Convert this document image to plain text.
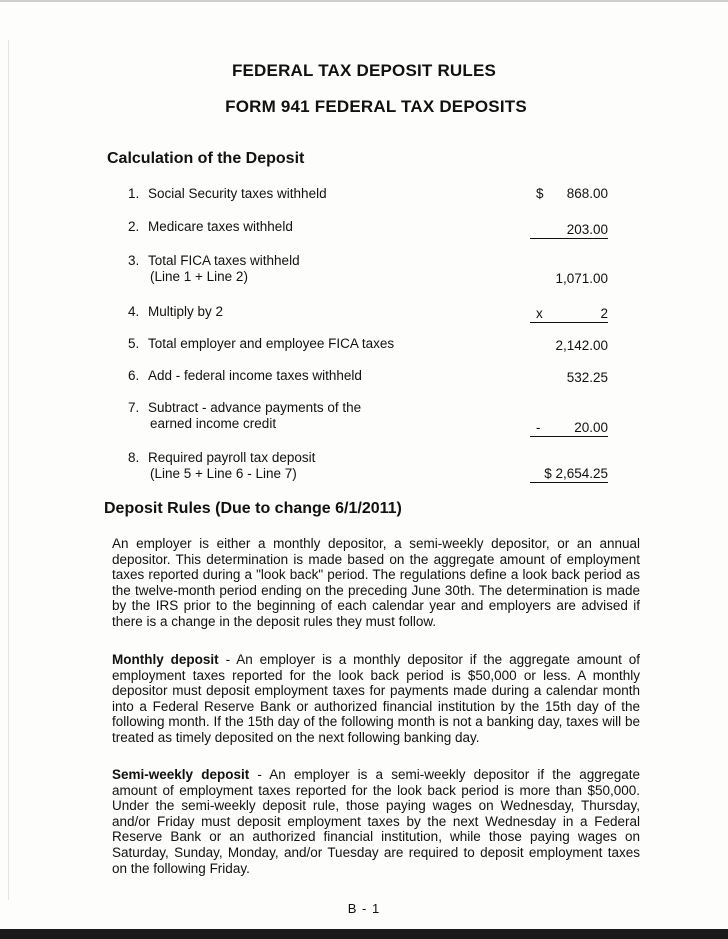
FEDERAL TAX DEPOSIT RULES
FORM 941 FEDERAL TAX DEPOSITS
Calculation of the Deposit
1. Social Security taxes withheld	$ 868.00
2. Medicare taxes withheld	203.00
3. Total FICA taxes withheld
(Line 1 + Line 2)	1,071.00
4. Multiply by 2	x	2
5. Total employer and employee FICA taxes	2,142.00
6. Add - federal income taxes withheld	532.25
7. Subtract - advance payments of the
earned income credit	- 20.00
8. Required payroll tax deposit
(Line 5 + Line 6 - Line 7)	$ 2,654.25
Deposit Rules (Due to change 6/1/2011)
An employer is either a monthly depositor, a semi-weekly depositor, or an annual depositor. This determination is made based on the aggregate amount of employment taxes reported during a "look back" period. The regulations define a look back period as the twelve-month period ending on the preceding June 30th. The determination is made by the IRS prior to the beginning of each calendar year and employers are advised if there is a change in the deposit rules they must follow.
Monthly deposit - An employer is a monthly depositor if the aggregate amount of employment taxes reported for the look back period is $50,000 or less. A monthly depositor must deposit employment taxes for payments made during a calendar month into a Federal Reserve Bank or authorized financial institution by the 15th day of the following month. If the 15th day of the following month is not a banking day, taxes will be treated as timely deposited on the next following banking day.
Semi-weekly deposit - An employer is a semi-weekly depositor if the aggregate amount of employment taxes reported for the look back period is more than $50,000. Under the semi-weekly deposit rule, those paying wages on Wednesday, Thursday, and/or Friday must deposit employment taxes by the next Wednesday in a Federal Reserve Bank or an authorized financial institution, while those paying wages on Saturday, Sunday, Monday, and/or Tuesday are required to deposit employment taxes on the following Friday.
B - 1
